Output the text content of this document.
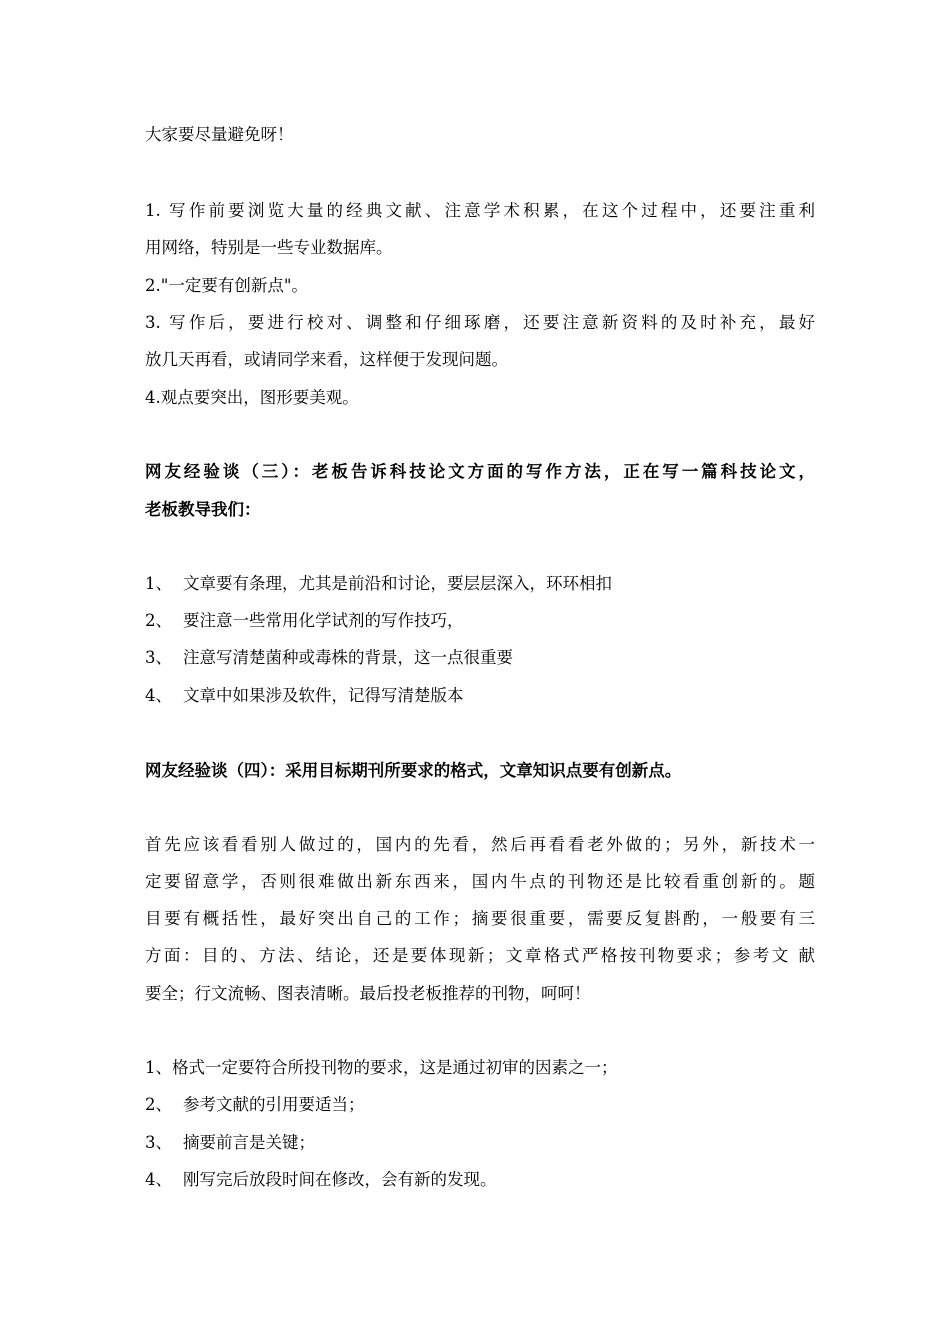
大家要尽量避免呀！
1. 写作前要浏览大量的经典文献、注意学术积累，在这个过程中，还要注重利
用网络，特别是一些专业数据库。
2."一定要有创新点"。
3. 写作后，要进行校对、调整和仔细琢磨，还要注意新资料的及时补充，最好
放几天再看，或请同学来看，这样便于发现问题。
4.观点要突出，图形要美观。
网友经验谈（三）：老板告诉科技论文方面的写作方法，正在写一篇科技论文，
老板教导我们：
1、 文章要有条理，尤其是前沿和讨论，要层层深入，环环相扣
2、 要注意一些常用化学试剂的写作技巧，
3、 注意写清楚菌种或毒株的背景，这一点很重要
4、 文章中如果涉及软件，记得写清楚版本
网友经验谈（四）：采用目标期刊所要求的格式，文章知识点要有创新点。
首先应该看看别人做过的，国内的先看，然后再看看老外做的；另外，新技术一
定要留意学，否则很难做出新东西来，国内牛点的刊物还是比较看重创新的。题
目要有概括性，最好突出自己的工作；摘要很重要，需要反复斟酌，一般要有三
方面：目的、方法、结论，还是要体现新；文章格式严格按刊物要求；参考文 献
要全；行文流畅、图表清晰。最后投老板推荐的刊物，呵呵！
1、格式一定要符合所投刊物的要求，这是通过初审的因素之一；
2、 参考文献的引用要适当；
3、 摘要前言是关键；
4、 刚写完后放段时间在修改，会有新的发现。
